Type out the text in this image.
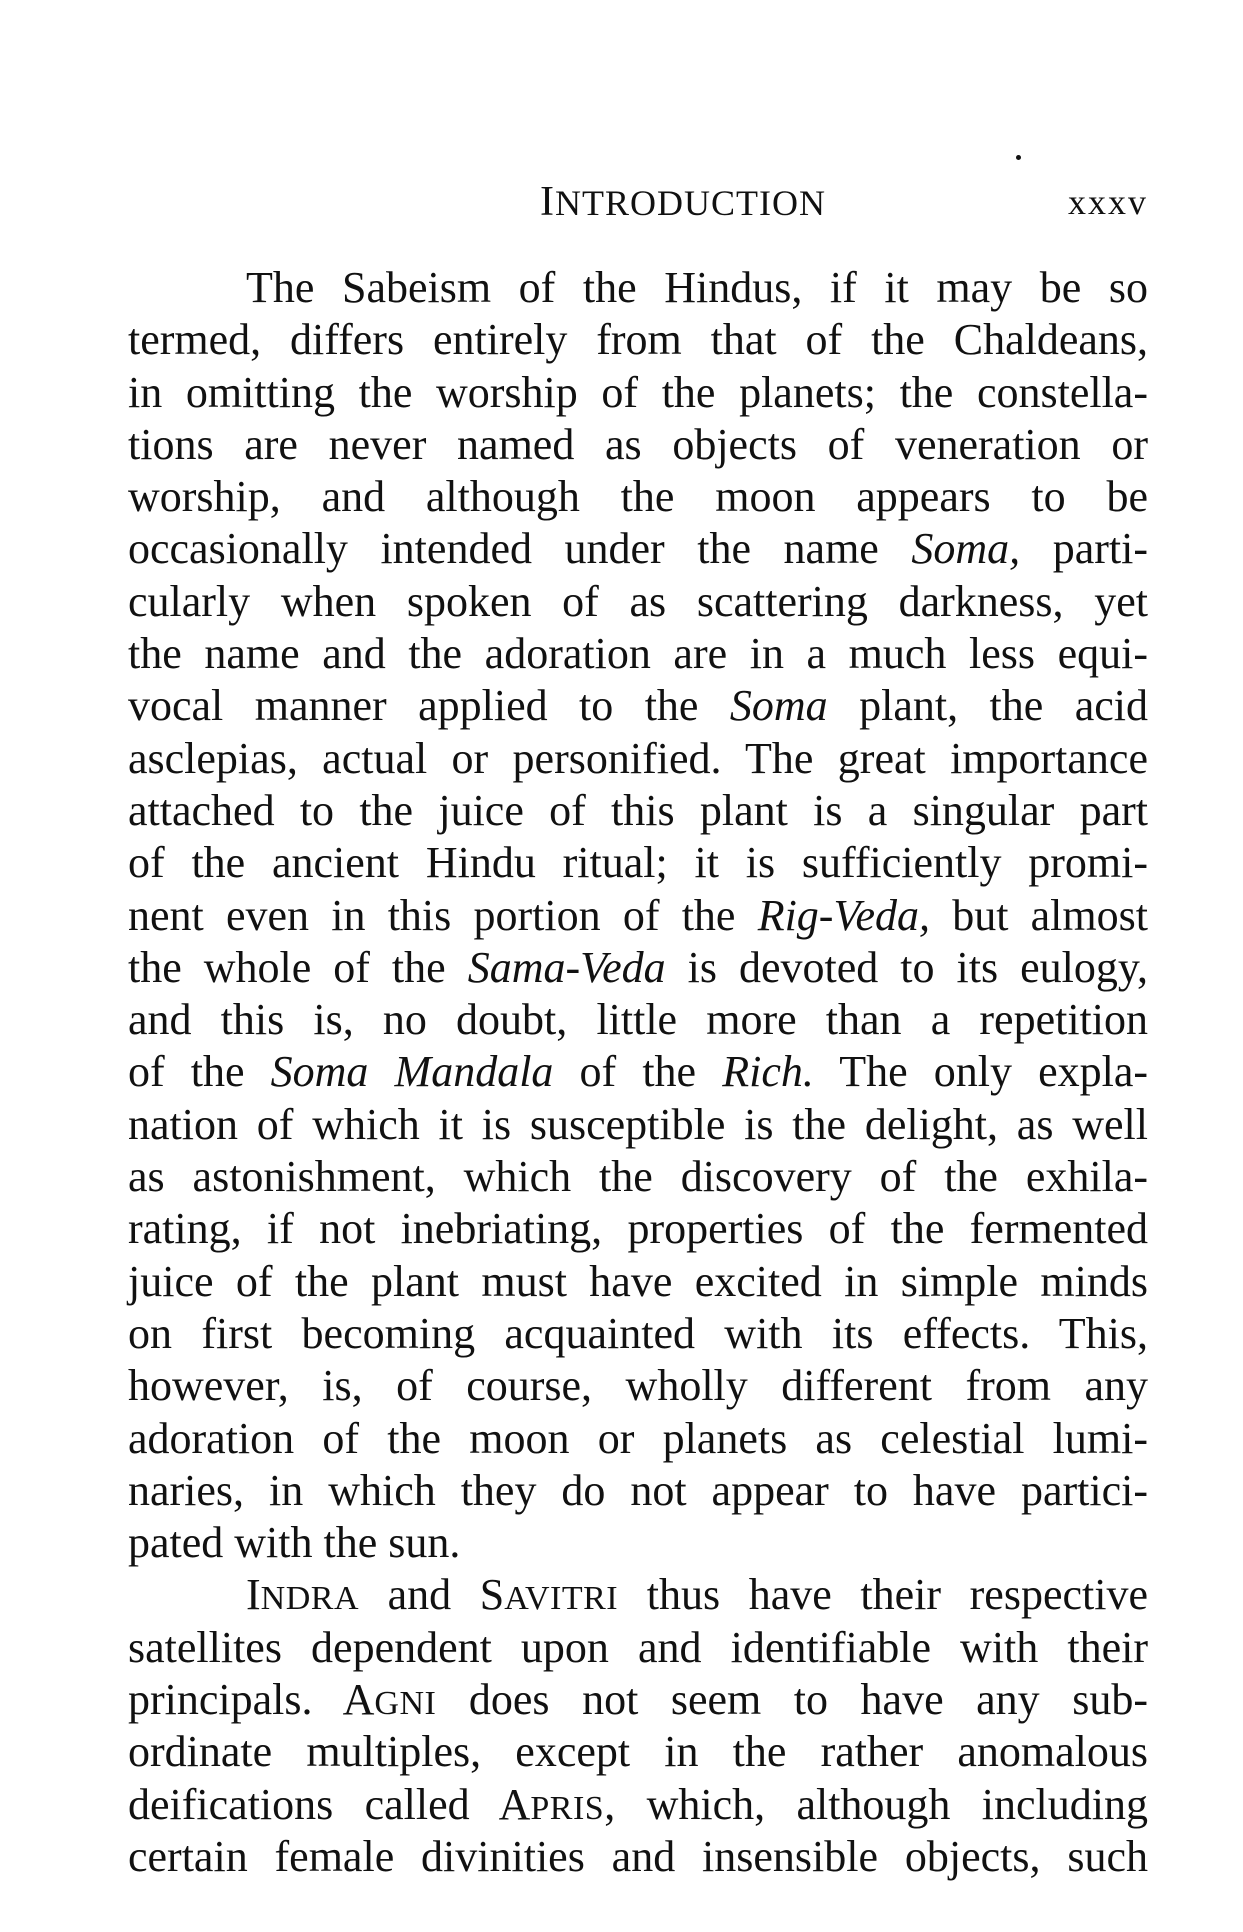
INTRODUCTION	xxxv
The Sabeism of the Hindus, if it may be so
termed, differs entirely from that of the Chaldeans,
in omitting the worship of the planets; the constella-
tions are never named as objects of veneration or
worship, and although the moon appears to be
occasionally intended under the name Soma, parti-
cularly when spoken of as scattering darkness, yet
the name and the adoration are in a much less equi-
vocal manner applied to the Soma plant, the acid
asclepias, actual or personified. The great importance
attached to the juice of this plant is a singular part
of the ancient Hindu ritual; it is sufficiently promi-
nent even in this portion of the Rig-Veda, but almost
the whole of the Sama-Veda is devoted to its eulogy,
and this is, no doubt, little more than a repetition
of the Soma Mandala of the Rich. The only expla-
nation of which it is susceptible is the delight, as well
as astonishment, which the discovery of the exhila-
rating, if not inebriating, properties of the fermented
juice of the plant must have excited in simple minds
on first becoming acquainted with its effects. This,
however, is, of course, wholly different from any
adoration of the moon or planets as celestial lumi-
naries, in which they do not appear to have partici-
pated with the sun.
INDRA and SAVITRI thus have their respective
satellites dependent upon and identifiable with their
principals. AGNI does not seem to have any sub-
ordinate multiples, except in the rather anomalous
deifications called APRIS, which, although including
certain female divinities and insensible objects, such
